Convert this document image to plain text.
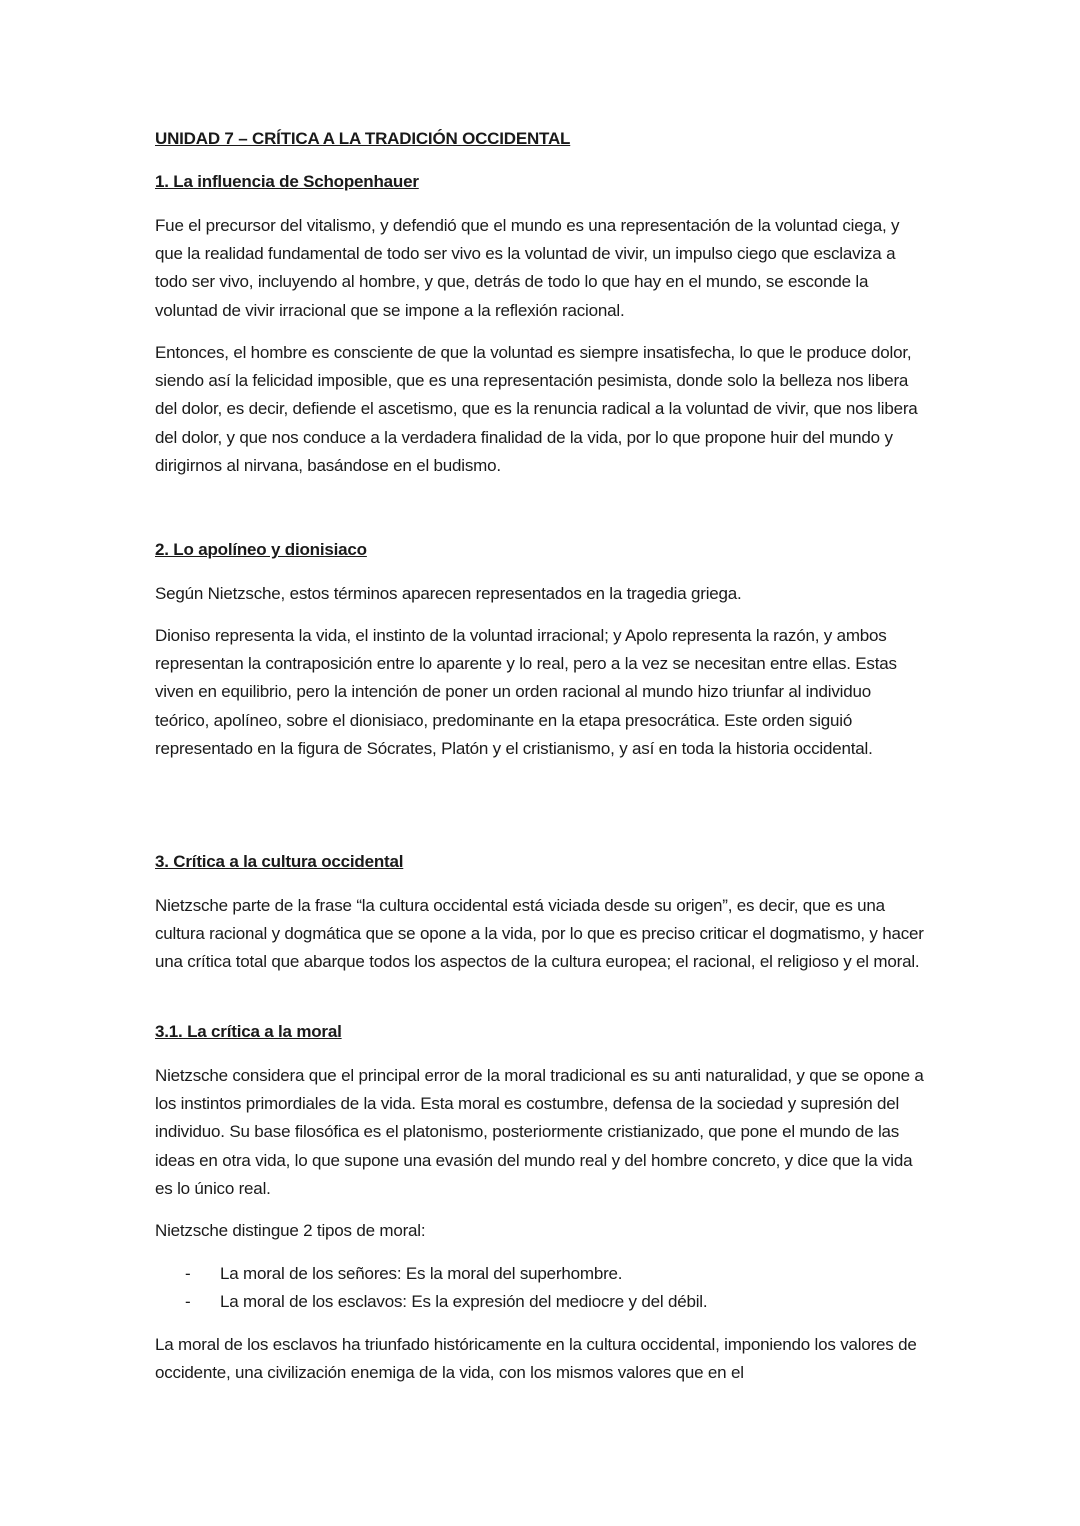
UNIDAD 7 – CRÍTICA A LA TRADICIÓN OCCIDENTAL
1. La influencia de Schopenhauer

Fue el precursor del vitalismo, y defendió que el mundo es una representación de la voluntad ciega, y que la realidad fundamental de todo ser vivo es la voluntad de vivir, un impulso ciego que esclaviza a todo ser vivo, incluyendo al hombre, y que, detrás de todo lo que hay en el mundo, se esconde la voluntad de vivir irracional que se impone a la reflexión racional.

Entonces, el hombre es consciente de que la voluntad es siempre insatisfecha, lo que le produce dolor, siendo así la felicidad imposible, que es una representación pesimista, donde solo la belleza nos libera del dolor, es decir, defiende el ascetismo, que es la renuncia radical a la voluntad de vivir, que nos libera del dolor, y que nos conduce a la verdadera finalidad de la vida, por lo que propone huir del mundo y dirigirnos al nirvana, basándose en el budismo.

2. Lo apolíneo y dionisiaco

Según Nietzsche, estos términos aparecen representados en la tragedia griega.

Dioniso representa la vida, el instinto de la voluntad irracional; y Apolo representa la razón, y ambos representan la contraposición entre lo aparente y lo real, pero a la vez se necesitan entre ellas. Estas viven en equilibrio, pero la intención de poner un orden racional al mundo hizo triunfar al individuo teórico, apolíneo, sobre el dionisiaco, predominante en la etapa presocrática. Este orden siguió representado en la figura de Sócrates, Platón y el cristianismo, y así en toda la historia occidental.

3. Crítica a la cultura occidental

Nietzsche parte de la frase “la cultura occidental está viciada desde su origen”, es decir, que es una cultura racional y dogmática que se opone a la vida, por lo que es preciso criticar el dogmatismo, y hacer una crítica total que abarque todos los aspectos de la cultura europea; el racional, el religioso y el moral.

3.1. La crítica a la moral

Nietzsche considera que el principal error de la moral tradicional es su anti naturalidad, y que se opone a los instintos primordiales de la vida. Esta moral es costumbre, defensa de la sociedad y supresión del individuo. Su base filosófica es el platonismo, posteriormente cristianizado, que pone el mundo de las ideas en otra vida, lo que supone una evasión del mundo real y del hombre concreto, y dice que la vida es lo único real.

Nietzsche distingue 2 tipos de moral:

- La moral de los señores: Es la moral del superhombre.
- La moral de los esclavos: Es la expresión del mediocre y del débil.

La moral de los esclavos ha triunfado históricamente en la cultura occidental, imponiendo los valores de occidente, una civilización enemiga de la vida, con los mismos valores que en el
